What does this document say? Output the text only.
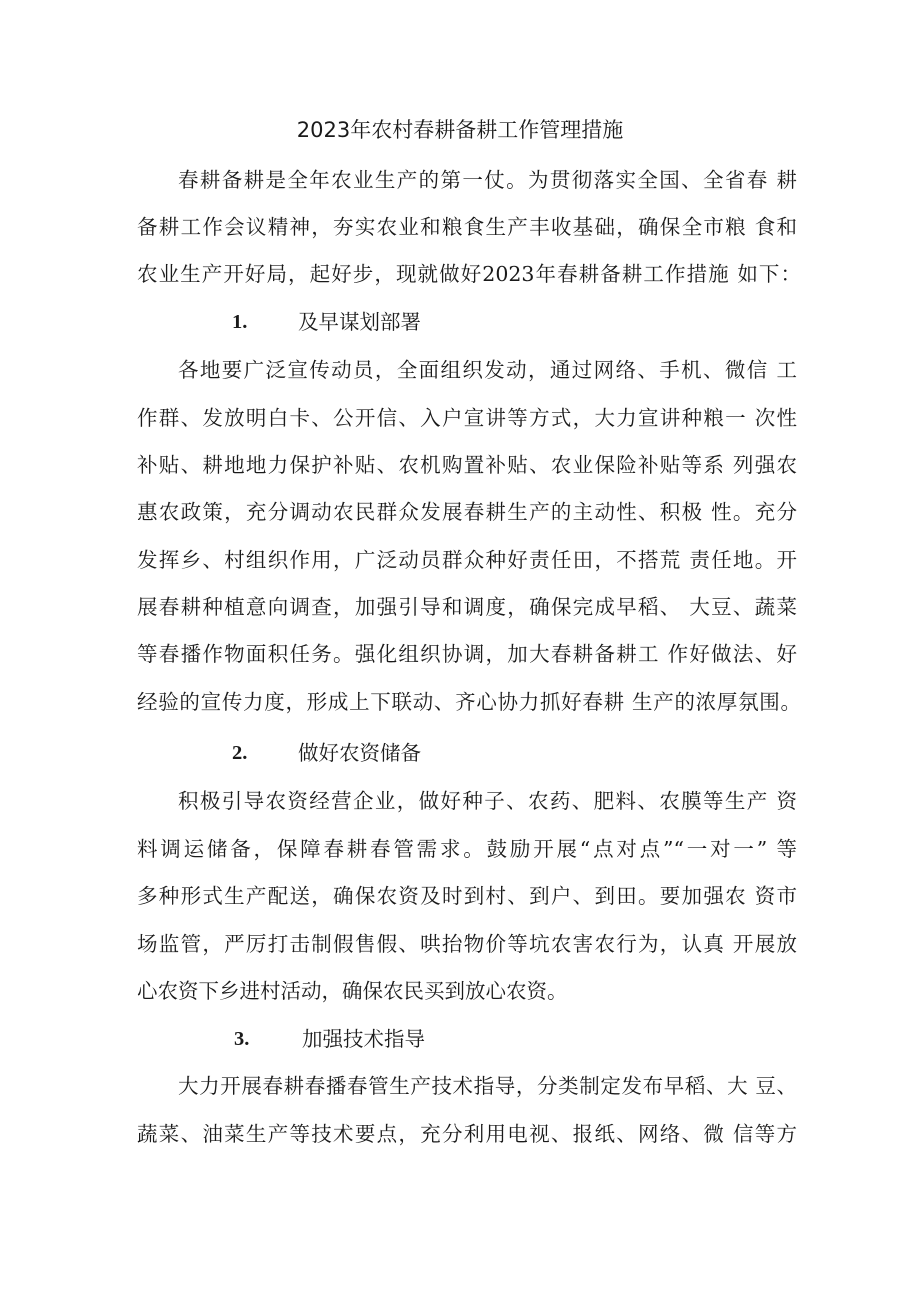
2023年农村春耕备耕工作管理措施
春耕备耕是全年农业生产的第一仗。为贯彻落实全国、全省春 耕
备耕工作会议精神，夯实农业和粮食生产丰收基础，确保全市粮 食和
农业生产开好局，起好步，现就做好2023年春耕备耕工作措施 如下：
1. 及早谋划部署
各地要广泛宣传动员，全面组织发动，通过网络、手机、微信 工
作群、发放明白卡、公开信、入户宣讲等方式，大力宣讲种粮一 次性
补贴、耕地地力保护补贴、农机购置补贴、农业保险补贴等系 列强农
惠农政策，充分调动农民群众发展春耕生产的主动性、积极 性。充分
发挥乡、村组织作用，广泛动员群众种好责任田，不搭荒 责任地。开
展春耕种植意向调查，加强引导和调度，确保完成早稻、 大豆、蔬菜
等春播作物面积任务。强化组织协调，加大春耕备耕工 作好做法、好
经验的宣传力度，形成上下联动、齐心协力抓好春耕 生产的浓厚氛围。
2. 做好农资储备
积极引导农资经营企业，做好种子、农药、肥料、农膜等生产 资
料调运储备，保障春耕春管需求。鼓励开展“点对点”“一对一” 等
多种形式生产配送，确保农资及时到村、到户、到田。要加强农 资市
场监管，严厉打击制假售假、哄抬物价等坑农害农行为，认真 开展放
心农资下乡进村活动，确保农民买到放心农资。
3.	加强技术指导
大力开展春耕春播春管生产技术指导，分类制定发布早稻、大 豆、
蔬菜、油菜生产等技术要点，充分利用电视、报纸、网络、微 信等方
